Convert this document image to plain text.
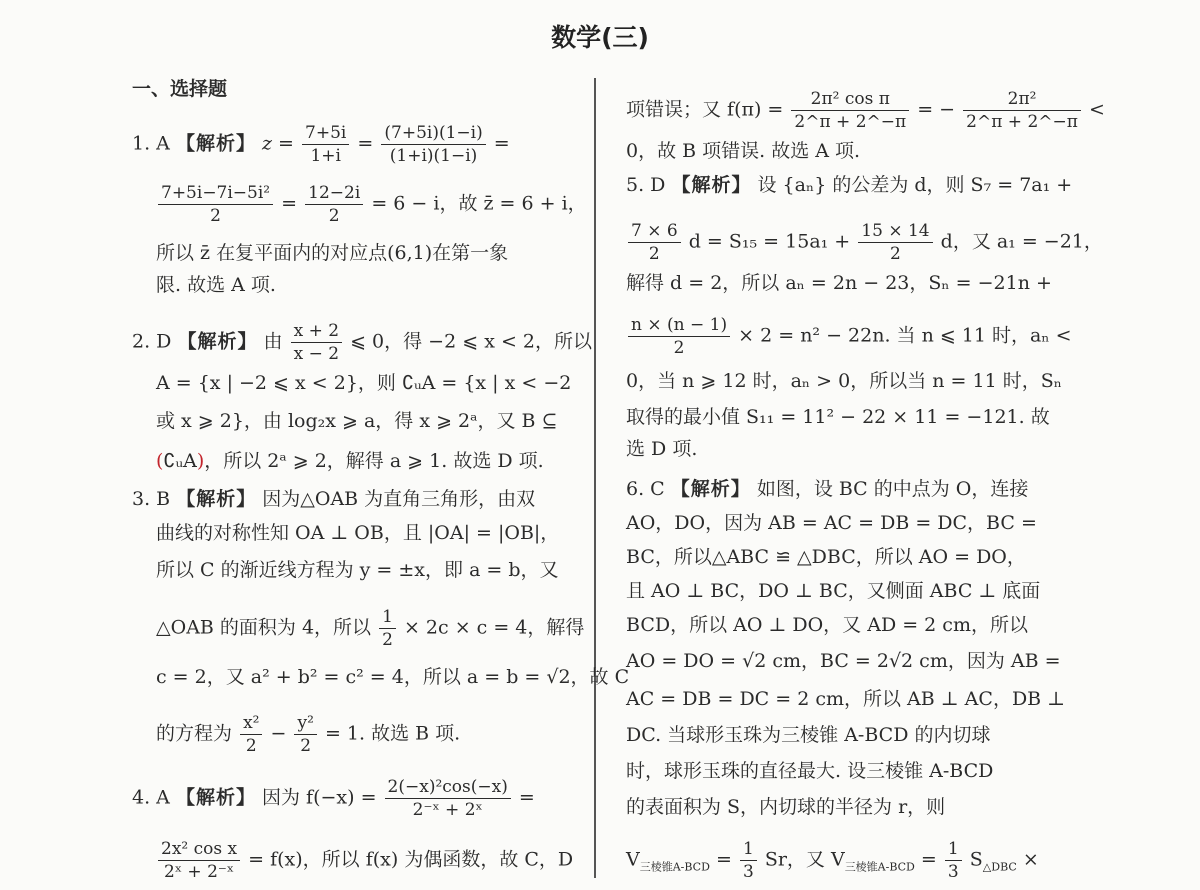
数学(三)
一、选择题
1. A 【解析】 $z = \frac{7+5i}{1+i} = \frac{(7+5i)(1-i)}{(1+i)(1-i)}$ =
$\frac{\text{7+5i−7i−5i²}}{2} = \frac{12-2i}{2} = 6 - i$，故 z̄ = 6 + i，
所以 z̄ 在复平面内的对应点(6,1)在第一象
限. 故选 A 项.
2. D 【解析】 由 $\frac{x + 2}{x - 2}$ ⩽ 0，得 −2 ⩽ x < 2，所以
A = {x | −2 ⩽ x < 2}，则 ∁ᵤA = {x | x < −2
或 x ⩾ 2}，由 log₂x ⩾ a，得 x ⩾ 2ᵃ，又 B ⊆
(∁ᵤA)，所以 2ᵃ ⩾ 2，解得 a ⩾ 1. 故选 D 项.
3. B 【解析】 因为△OAB 为直角三角形，由双
曲线的对称性知 OA ⊥ OB，且 |OA| = |OB|，
所以 C 的渐近线方程为 y = ±x，即 a = b，又
△OAB 的面积为 4，所以 $\frac{1}{2} \times 2c \times c = 4$，解得
c = 2，又 a² + b² = c² = 4，所以 a = b = √2，故 C
的方程为 $\frac{\text{x²}}{2} - \frac{\text{y²}}{2} = 1$. 故选 B 项.
4. A 【解析】 因为 $f(-x) = \frac{\text{2(−x)²cos(−x)}}{\text{2⁻ˣ + 2ˣ}}$ =
$\frac{\text{2x² cos x}}{\text{2ˣ + 2⁻ˣ}} = f(x)$，所以 f(x) 为偶函数，故 C，D
项错误；又 $f(\pi) = \frac{\text{2π² cos π}}{2\^{}\pi + 2\^{}-\pi}$ = − $\frac{\text{2π²}}{2\^{}\pi + 2\^{}-\pi}$ <
0，故 B 项错误. 故选 A 项.
5. D 【解析】 设 {aₙ} 的公差为 d，则 S₇ = 7a₁ +
$\frac{7 \times 6}{2}$ $d = S_{15} = 15a_1 + \frac{15 \times 14}{2}$ d，又 a₁ = −21，
解得 d = 2，所以 aₙ = 2n − 23，Sₙ = −21n +
$\frac{n \times (n - 1)}{2} \times 2 = n^2 - 22n$. 当 n ⩽ 11 时，aₙ <
0，当 n ⩾ 12 时，aₙ > 0，所以当 n = 11 时，Sₙ
取得的最小值 S₁₁ = 11² − 22 × 11 = −121. 故
选 D 项.
6. C 【解析】 如图，设 BC 的中点为 O，连接
AO，DO，因为 AB = AC = DB = DC，BC =
BC，所以△ABC ≌ △DBC，所以 AO = DO，
且 AO ⊥ BC，DO ⊥ BC，又侧面 ABC ⊥ 底面
BCD，所以 AO ⊥ DO，又 AD = 2 cm，所以
AO = DO = √2 cm，BC = 2√2 cm，因为 AB =
AC = DB = DC = 2 cm，所以 AB ⊥ AC，DB ⊥
DC. 当球形玉珠为三棱锥 A-BCD 的内切球
时，球形玉珠的直径最大. 设三棱锥 A-BCD
的表面积为 S，内切球的半径为 r，则
$V_{三棱锥A-BCD} = \frac{1}{3}$ Sr，又 $V_{三棱锥A-BCD} = \frac{1}{3} S_{\triangle DBC}$ ×
